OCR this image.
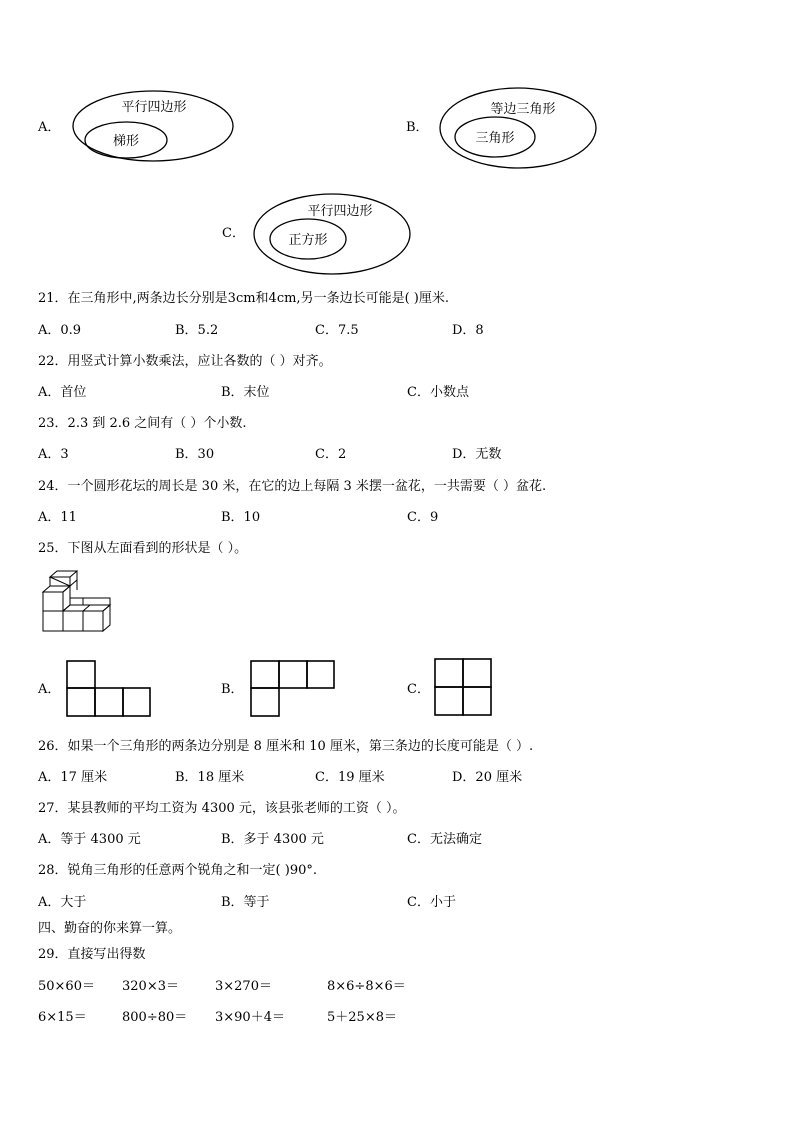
A．
平行四边形
梯形
B．
等边三角形
三角形
C．
平行四边形
正方形
21．在三角形中,两条边长分别是3cm和4cm,另一条边长可能是( )厘米.
A．0.9	B．5.2	C．7.5	D．8
22．用竖式计算小数乘法，应让各数的（ ）对齐。
A．首位	B．末位	C．小数点
23．2.3 到 2.6 之间有（ ）个小数.
A．3	B．30	C．2	D．无数
24．一个圆形花坛的周长是 30 米，在它的边上每隔 3 米摆一盆花，一共需要（ ）盆花.
A．11	B．10	C．9
25．下图从左面看到的形状是（ ）。
A．	B．	C．
26．如果一个三角形的两条边分别是 8 厘米和 10 厘米，第三条边的长度可能是（ ）.
A．17 厘米	B．18 厘米	C．19 厘米	D．20 厘米
27．某县教师的平均工资为 4300 元，该县张老师的工资（ ）。
A．等于 4300 元	B．多于 4300 元	C．无法确定
28．锐角三角形的任意两个锐角之和一定( )90°.
A．大于	B．等于	C．小于
四、勤奋的你来算一算。
29．直接写出得数
50×60＝ 320×3＝	3×270＝	8×6÷8×6＝
6×15＝	800÷80＝ 3×90＋4＝	5＋25×8＝
